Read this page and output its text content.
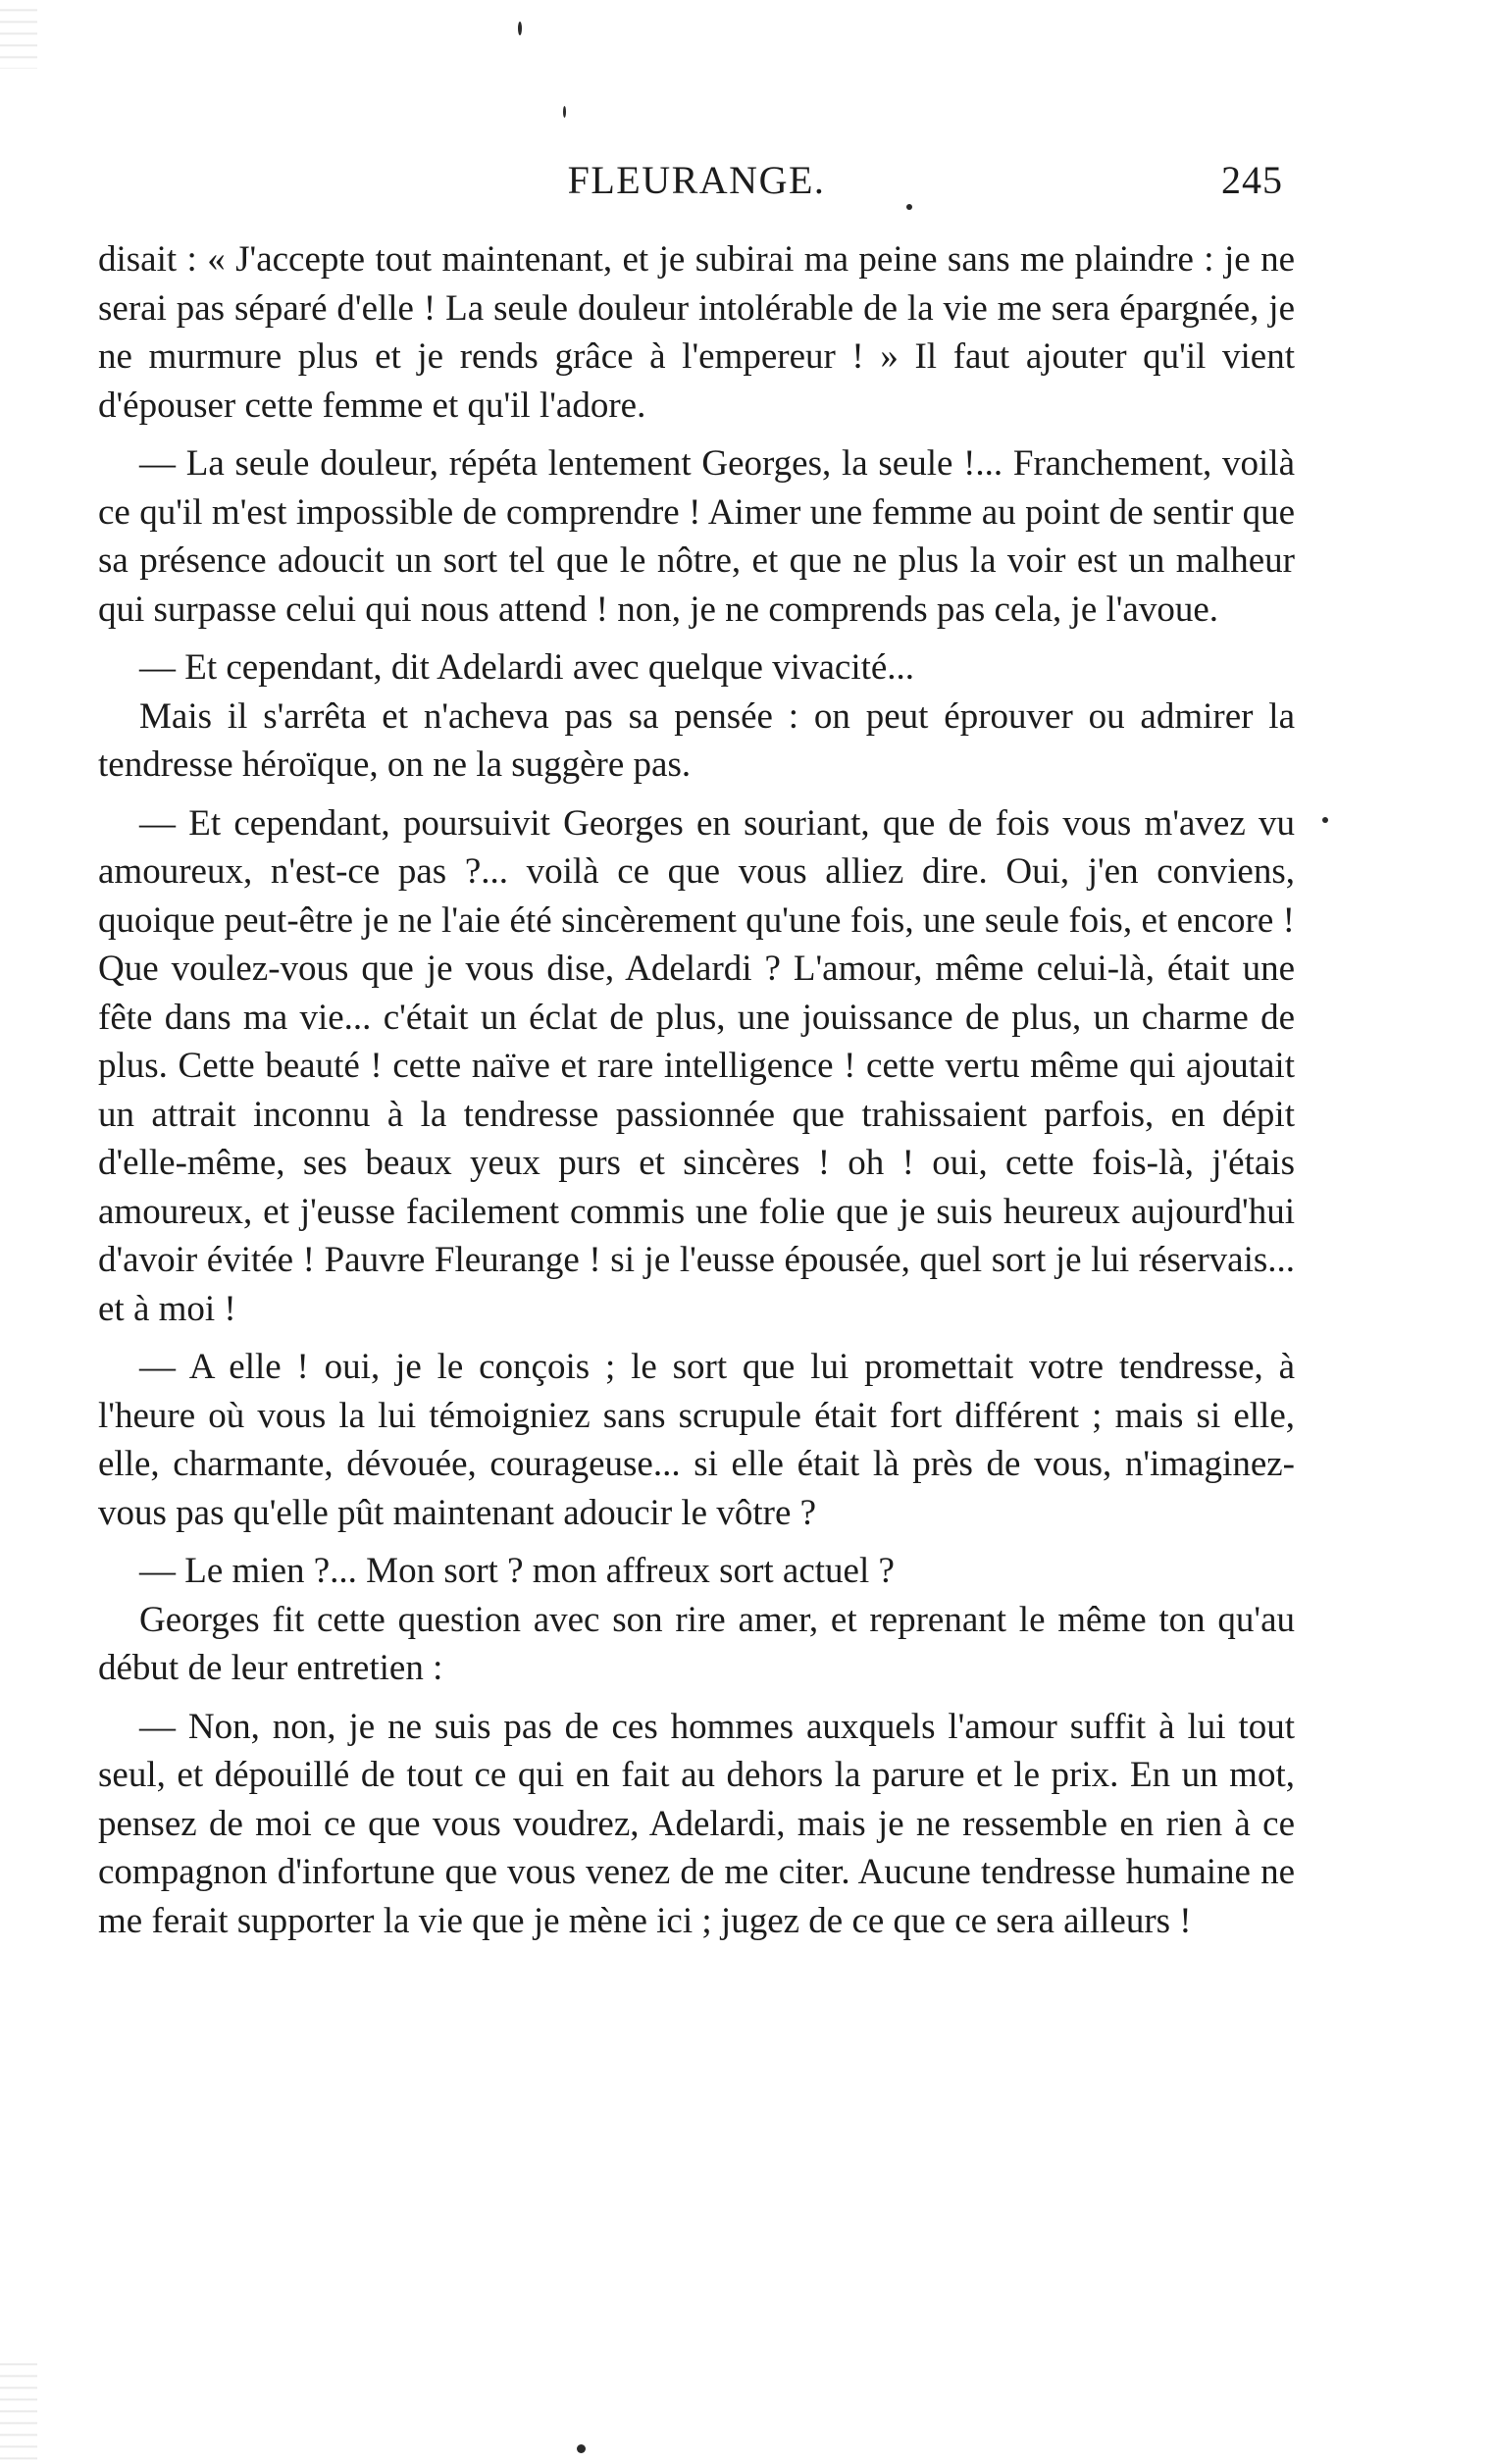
FLEURANGE.	245

disait : « J'accepte tout maintenant, et je subirai ma peine sans me plaindre : je ne serai pas séparé d'elle ! La seule douleur intolérable de la vie me sera épargnée, je ne murmure plus et je rends grâce à l'empereur ! » Il faut ajouter qu'il vient d'épouser cette femme et qu'il l'adore.

— La seule douleur, répéta lentement Georges, la seule !... Franchement, voilà ce qu'il m'est impossible de comprendre ! Aimer une femme au point de sentir que sa présence adoucit un sort tel que le nôtre, et que ne plus la voir est un malheur qui surpasse celui qui nous attend ! non, je ne comprends pas cela, je l'avoue.

— Et cependant, dit Adelardi avec quelque vivacité...

Mais il s'arrêta et n'acheva pas sa pensée : on peut éprouver ou admirer la tendresse héroïque, on ne la suggère pas.

— Et cependant, poursuivit Georges en souriant, que de fois vous m'avez vu amoureux, n'est-ce pas ?... voilà ce que vous alliez dire. Oui, j'en conviens, quoique peut-être je ne l'aie été sincèrement qu'une fois, une seule fois, et encore ! Que voulez-vous que je vous dise, Adelardi ? L'amour, même celui-là, était une fête dans ma vie... c'était un éclat de plus, une jouissance de plus, un charme de plus. Cette beauté ! cette naïve et rare intelligence ! cette vertu même qui ajoutait un attrait inconnu à la tendresse passionnée que trahissaient parfois, en dépit d'elle-même, ses beaux yeux purs et sincères ! oh ! oui, cette fois-là, j'étais amoureux, et j'eusse facilement commis une folie que je suis heureux aujourd'hui d'avoir évitée ! Pauvre Fleurange ! si je l'eusse épousée, quel sort je lui réservais... et à moi !

— A elle ! oui, je le conçois ; le sort que lui promettait votre tendresse, à l'heure où vous la lui témoigniez sans scrupule était fort différent ; mais si elle, elle, charmante, dévouée, courageuse... si elle était là près de vous, n'imaginez-vous pas qu'elle pût maintenant adoucir le vôtre ?

— Le mien ?... Mon sort ? mon affreux sort actuel ?

Georges fit cette question avec son rire amer, et reprenant le même ton qu'au début de leur entretien :

— Non, non, je ne suis pas de ces hommes auxquels l'amour suffit à lui tout seul, et dépouillé de tout ce qui en fait au dehors la parure et le prix. En un mot, pensez de moi ce que vous voudrez, Adelardi, mais je ne ressemble en rien à ce compagnon d'infortune que vous venez de me citer. Aucune tendresse humaine ne me ferait supporter la vie que je mène ici ; jugez de ce que ce sera ailleurs !
